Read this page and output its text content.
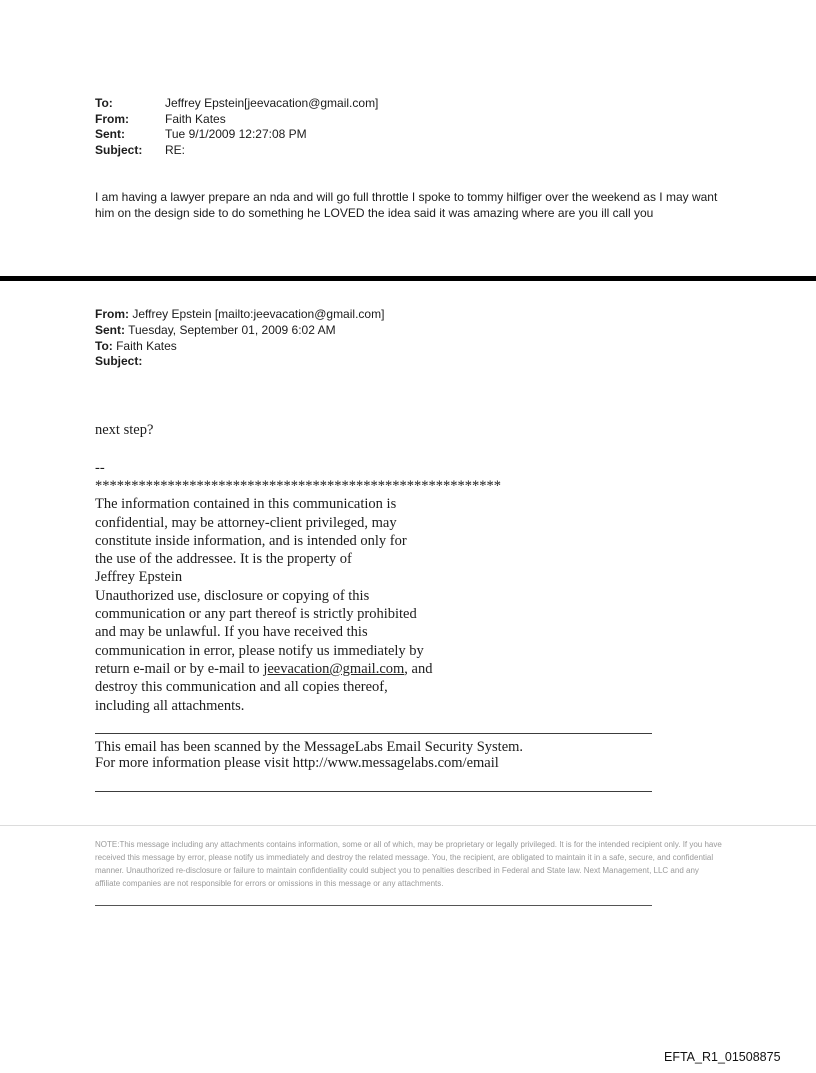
To:	Jeffrey Epstein[jeevacation@gmail.com]
From:	Faith Kates
Sent:	Tue 9/1/2009 12:27:08 PM
Subject:	RE:
I am having a lawyer prepare an nda and will go full throttle I spoke to tommy hilfiger over the weekend as I may want him on the design side to do something he LOVED the idea said it was amazing where are you ill call you
From: Jeffrey Epstein [mailto:jeevacation@gmail.com]
Sent: Tuesday, September 01, 2009 6:02 AM
To: Faith Kates
Subject:
next step?
--
********************************************************
The information contained in this communication is
confidential, may be attorney-client privileged, may
constitute inside information, and is intended only for
the use of the addressee. It is the property of
Jeffrey Epstein
Unauthorized use, disclosure or copying of this
communication or any part thereof is strictly prohibited
and may be unlawful. If you have received this
communication in error, please notify us immediately by
return e-mail or by e-mail to jeevacation@gmail.com, and
destroy this communication and all copies thereof,
including all attachments.
This email has been scanned by the MessageLabs Email Security System.
For more information please visit http://www.messagelabs.com/email
NOTE:This message including any attachments contains information, some or all of which, may be proprietary or legally privileged. It is for the intended recipient only. If you have received this message by error, please notify us immediately and destroy the related message. You, the recipient, are obligated to maintain it in a safe, secure, and confidential manner. Unauthorized re-disclosure or failure to maintain confidentiality could subject you to penalties described in Federal and State law. Next Management, LLC and any affiliate companies are not responsible for errors or omissions in this message or any attachments.
EFTA_R1_01508875
